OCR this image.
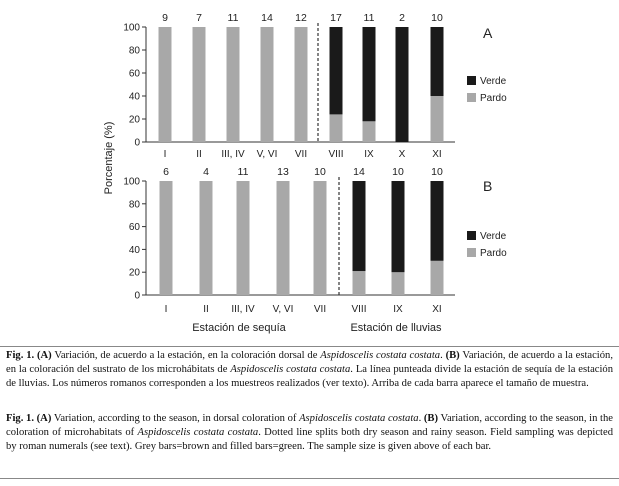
Porcentaje (%) 0
20
40
60
80
100
9
I
7
II
11
III, IV
14
V, VI
12
VII
17
VIII
11
IX
2
X
10
XI
A
Verde
Pardo
0
20
40
60
80
100
6
I
4
II
11
III, IV
13
V, VI
10
VII
14
VIII
10
IX
10
XI
B
Verde
Pardo
Estación de sequía	Estación de lluvias

Fig. 1. (A) Variación, de acuerdo a la estación, en la coloración dorsal de Aspidoscelis costata costata. (B) Variación, de acuerdo a la estación, en la coloración del sustrato de los microhábitats de Aspidoscelis costata costata. La línea punteada divide la estación de sequía de la estación de lluvias. Los números romanos corresponden a los muestreos realizados (ver texto). Arriba de cada barra aparece el tamaño de muestra.

Fig. 1. (A) Variation, according to the season, in dorsal coloration of Aspidoscelis costata costata. (B) Variation, according to the season, in the coloration of microhabitats of Aspidoscelis costata costata. Dotted line splits both dry season and rainy season. Field sampling was depicted by roman numerals (see text). Grey bars=brown and filled bars=green. The sample size is given above of each bar.
